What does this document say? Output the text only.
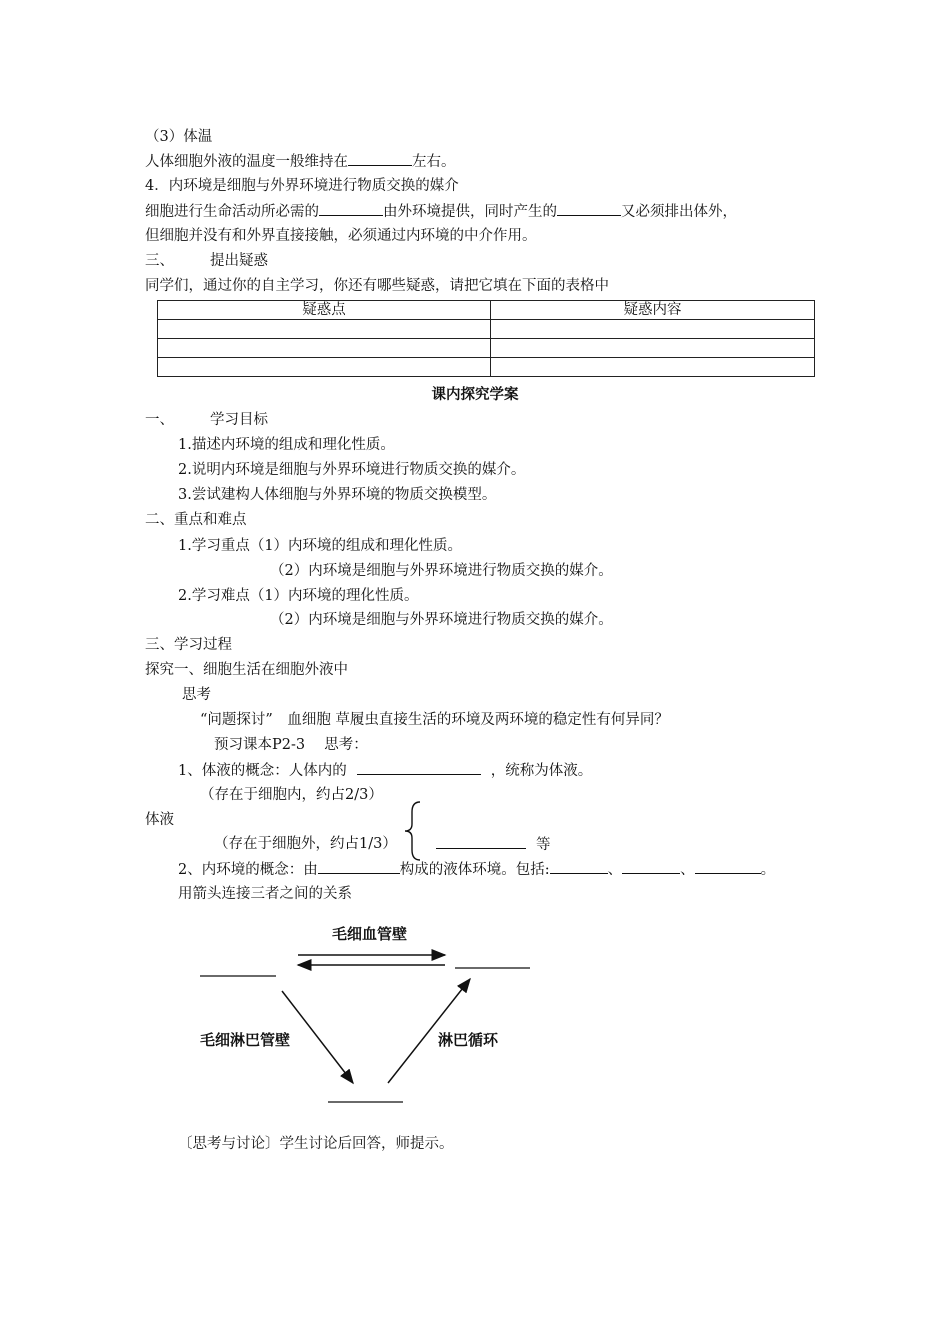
（3）体温
人体细胞外液的温度一般维持在	左右。
4．内环境是细胞与外界环境进行物质交换的媒介
细胞进行生命活动所必需的	由外环境提供，同时产生的	又必须排出体外，
但细胞并没有和外界直接接触，必须通过内环境的中介作用。
三、 提出疑惑
同学们，通过你的自主学习，你还有哪些疑惑，请把它填在下面的表格中
疑惑点	疑惑内容

课内探究学案
一、 学习目标
1.描述内环境的组成和理化性质。
2.说明内环境是细胞与外界环境进行物质交换的媒介。
3.尝试建构人体细胞与外界环境的物质交换模型。
二、重点和难点
1.学习重点（1）内环境的组成和理化性质。
（2）内环境是细胞与外界环境进行物质交换的媒介。
2.学习难点（1）内环境的理化性质。
（2）内环境是细胞与外界环境进行物质交换的媒介。
三、学习过程
探究一、细胞生活在细胞外液中
思考
“问题探讨”　血细胞 草履虫直接生活的环境及两环境的稳定性有何异同？
预习课本P2-3　 思考：
1、体液的概念：人体内的	，统称为体液。
（存在于细胞内，约占2/3）
体液
（存在于细胞外，约占1/3）	等
2、内环境的概念：由	构成的液体环境。包括:	、	、	。
用箭头连接三者之间的关系
毛细血管壁
毛细淋巴管壁	淋巴循环
〔思考与讨论〕学生讨论后回答，师提示。
